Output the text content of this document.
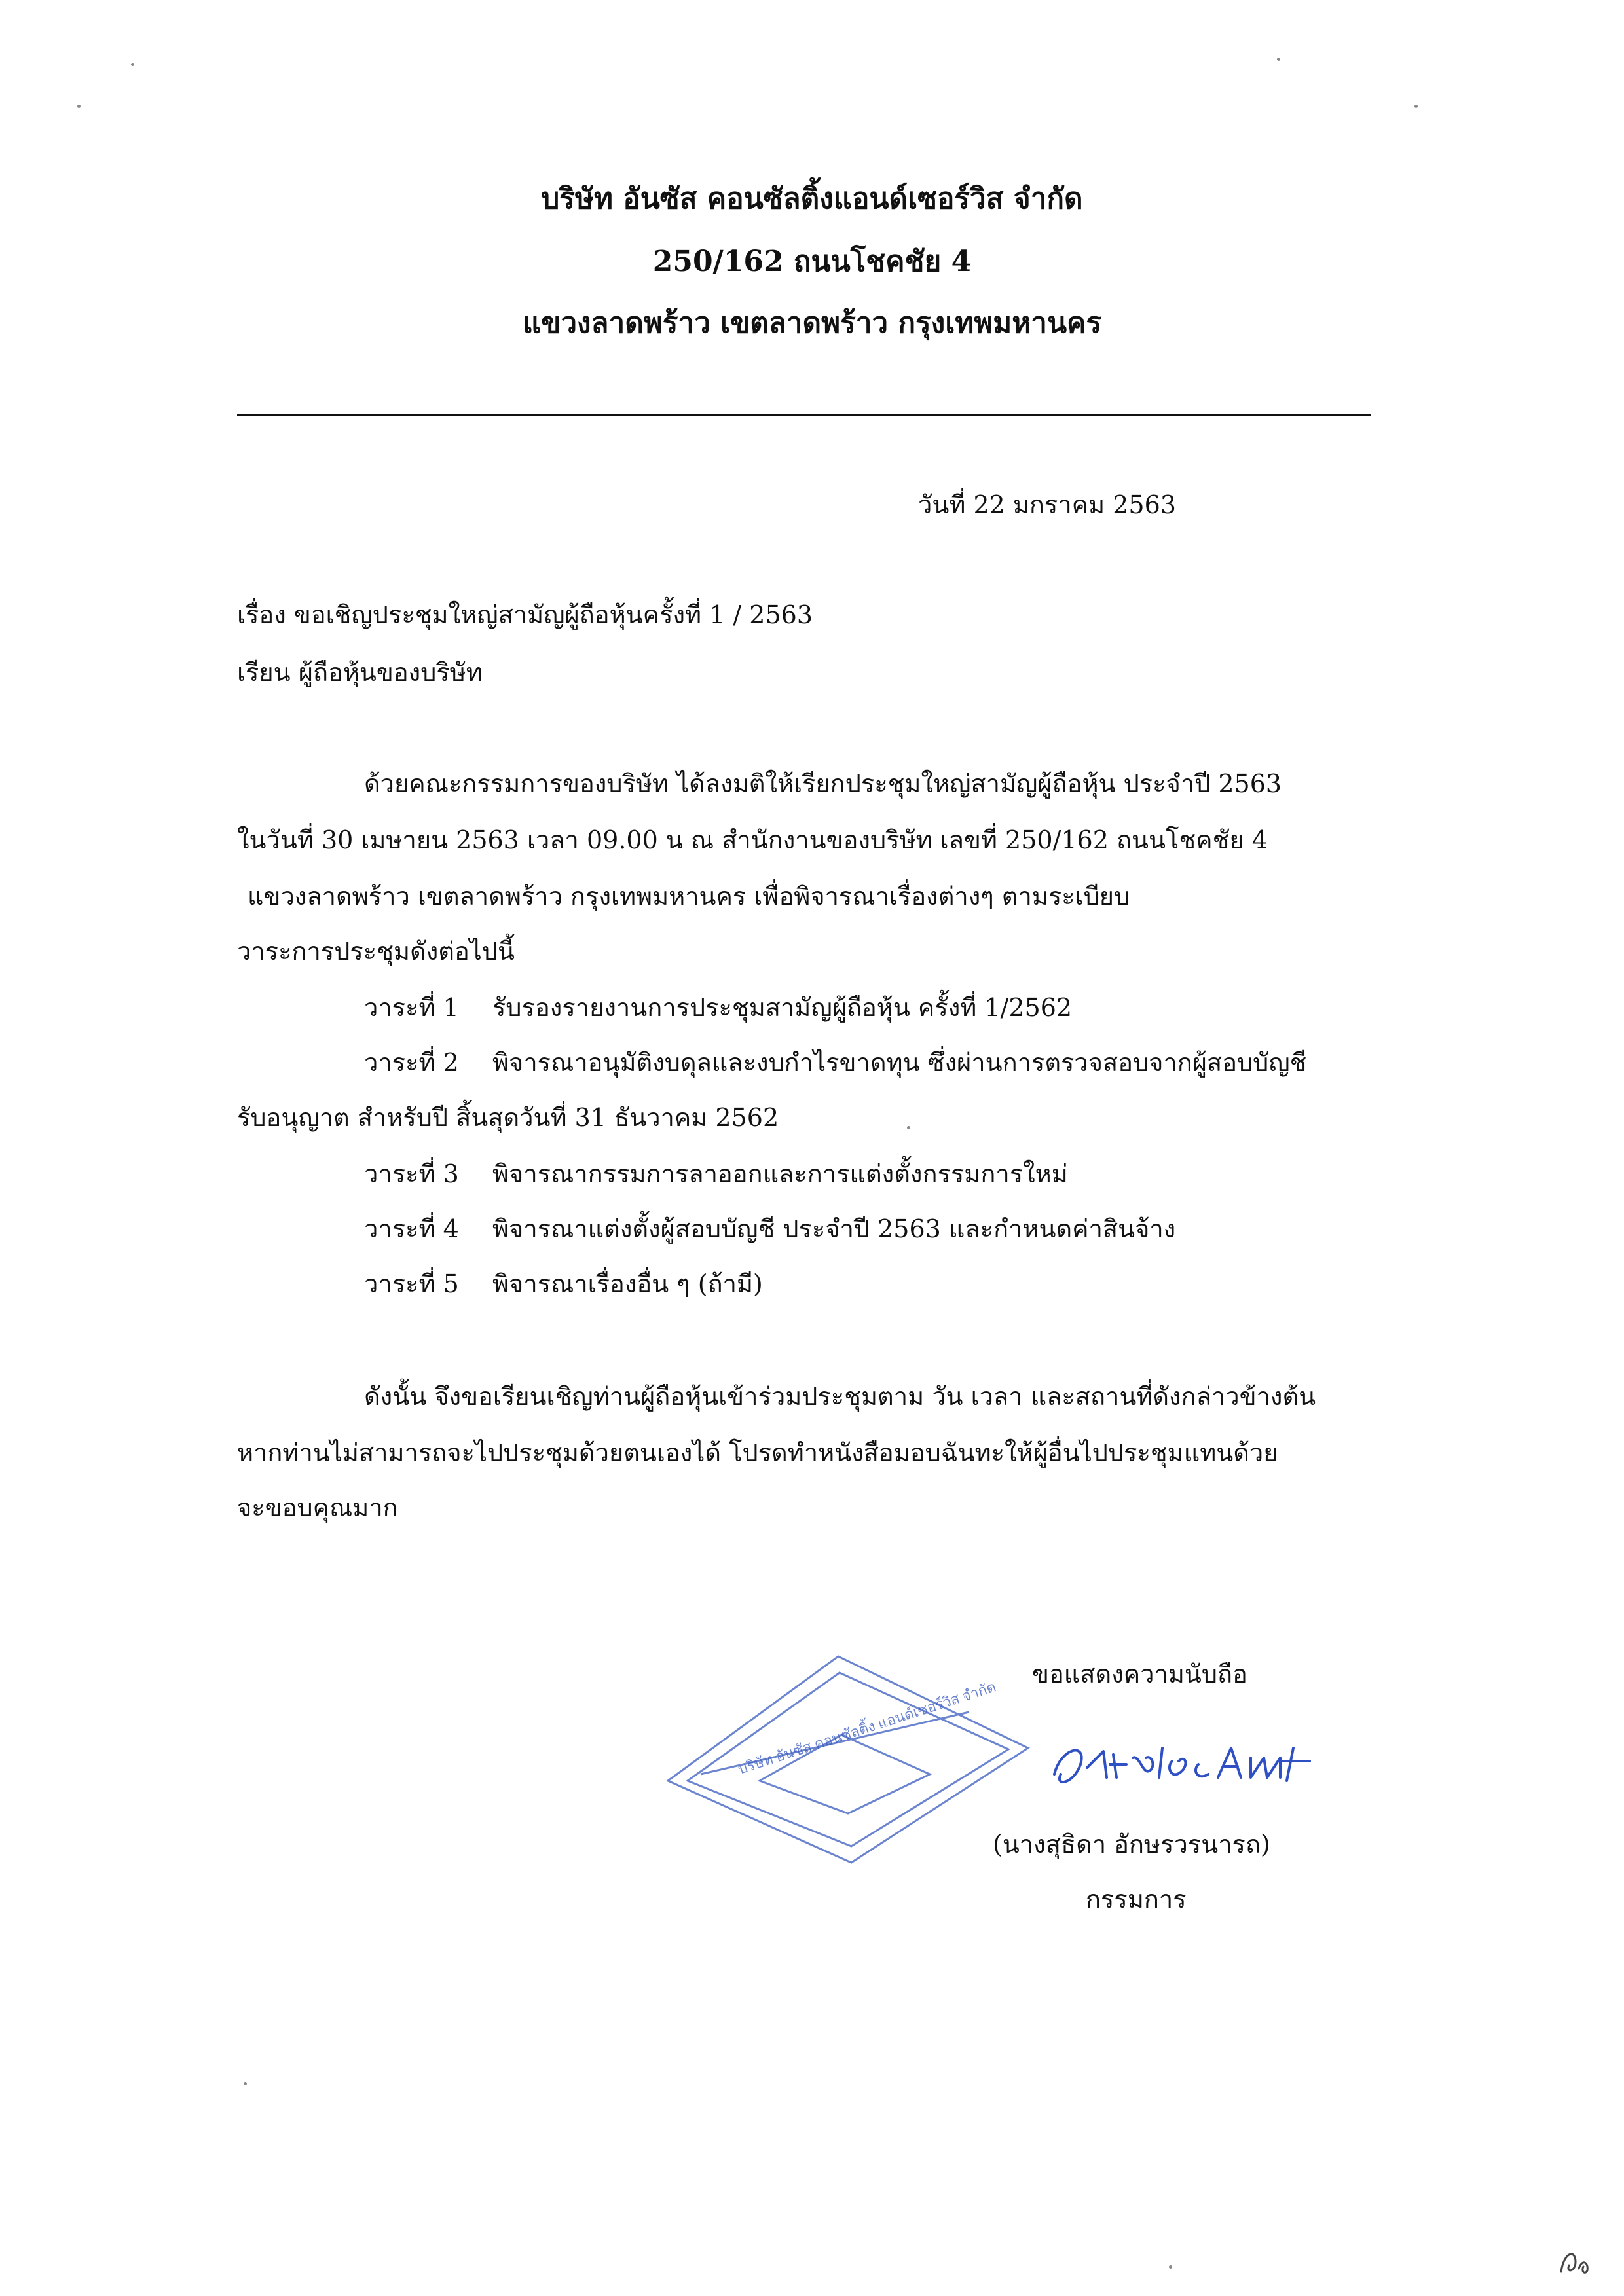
บริษัท อันซัส คอนซัลติ้งแอนด์เซอร์วิส จำกัด
250/162 ถนนโชคชัย 4
แขวงลาดพร้าว เขตลาดพร้าว กรุงเทพมหานคร
วันที่ 22 มกราคม 2563
เรื่อง ขอเชิญประชุมใหญ่สามัญผู้ถือหุ้นครั้งที่ 1 / 2563
เรียน ผู้ถือหุ้นของบริษัท
ด้วยคณะกรรมการของบริษัท ได้ลงมติให้เรียกประชุมใหญ่สามัญผู้ถือหุ้น ประจำปี 2563
ในวันที่ 30 เมษายน 2563 เวลา 09.00 น ณ สำนักงานของบริษัท เลขที่ 250/162 ถนนโชคชัย 4
แขวงลาดพร้าว เขตลาดพร้าว กรุงเทพมหานคร เพื่อพิจารณาเรื่องต่างๆ ตามระเบียบ
วาระการประชุมดังต่อไปนี้
วาระที่ 1 รับรองรายงานการประชุมสามัญผู้ถือหุ้น ครั้งที่ 1/2562
วาระที่ 2 พิจารณาอนุมัติงบดุลและงบกำไรขาดทุน ซึ่งผ่านการตรวจสอบจากผู้สอบบัญชี
รับอนุญาต สำหรับปี สิ้นสุดวันที่ 31 ธันวาคม 2562
วาระที่ 3 พิจารณากรรมการลาออกและการแต่งตั้งกรรมการใหม่
วาระที่ 4 พิจารณาแต่งตั้งผู้สอบบัญชี ประจำปี 2563 และกำหนดค่าสินจ้าง
วาระที่ 5 พิจารณาเรื่องอื่น ๆ (ถ้ามี)
ดังนั้น จึงขอเรียนเชิญท่านผู้ถือหุ้นเข้าร่วมประชุมตาม วัน เวลา และสถานที่ดังกล่าวข้างต้น
หากท่านไม่สามารถจะไปประชุมด้วยตนเองได้ โปรดทำหนังสือมอบฉันทะให้ผู้อื่นไปประชุมแทนด้วย
จะขอบคุณมาก
ขอแสดงความนับถือ
บริษัท อันซัส คอนซัลติ้ง แอนด์เซอร์วิส จำกัด
(นางสุธิดา อักษรวรนารถ)
กรรมการ
